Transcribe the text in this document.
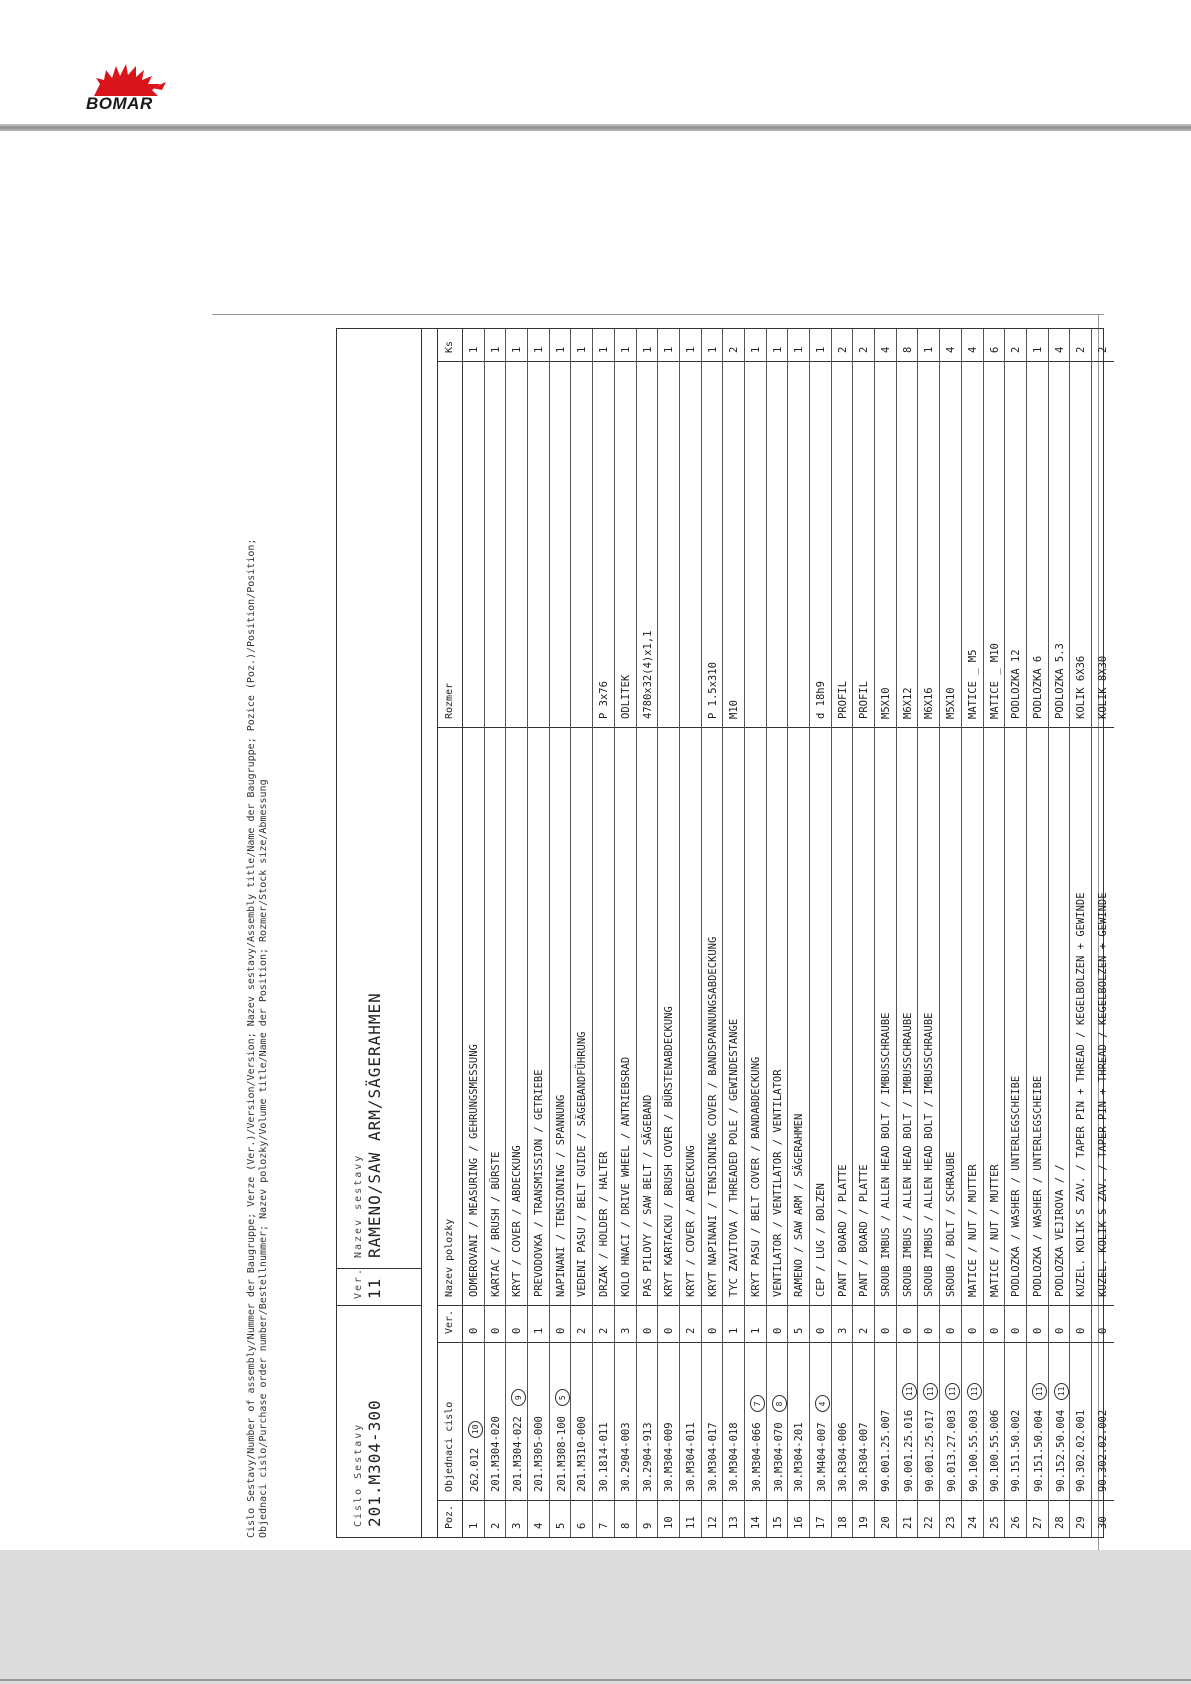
BOMAR
Cislo Sestavy/Number of assembly/Nummer der Baugruppe; Verze (Ver.)/Version/Version; Nazev sestavy/Assembly title/Name der Baugruppe; Pozice (Poz.)/Position/Position; Objednaci cislo/Purchase order number/Bestellnummer; Nazev polozky/Volume title/Name der Position; Rozmer/Stock size/Abmessung	Cislo Sestavy 201.M304-300
Ver. 11
Nazev sestavy RAMENO/SAW ARM/SÄGERAHMEN
Poz.
Objednaci cislo
Ver.
Nazev polozky
Rozmer
Ks
1
262.01210
0
ODMEROVANI / MEASURING / GEHRUNGSMESSUNG
1
2
201.M304-020
0
KARTAC / BRUSH / BÜRSTE
1
3
201.M304-0229
0
KRYT / COVER / ABDECKUNG
1
4
201.M305-000
1
PREVODOVKA / TRANSMISSION / GETRIEBE
1
5
201.M308-1005
0
NAPINANI / TENSIONING / SPANNUNG
1
6
201.M310-000
2
VEDENI PASU / BELT GUIDE / SÄGEBANDFÜHRUNG
1
7
30.1814-011
2
DRZAK / HOLDER / HALTER
P 3x76
1
8
30.2904-003
3
KOLO HNACI / DRIVE WHEEL / ANTRIEBSRAD
ODLITEK
1
9
30.2904-913
0
PAS PILOVY / SAW BELT / SÄGEBAND
4780x32(4)x1,1
1
10
30.M304-009
0
KRYT KARTACKU / BRUSH COVER / BÜRSTENABDECKUNG
1
11
30.M304-011
2
KRYT / COVER / ABDECKUNG
1
12
30.M304-017
0
KRYT NAPINANI / TENSIONING COVER / BANDSPANNUNGSABDECKUNG
P 1.5x310
1
13
30.M304-018
1
TYC ZAVITOVA / THREADED POLE / GEWINDESTANGE
M10
2
14
30.M304-0667
1
KRYT PASU / BELT COVER / BANDABDECKUNG
1
15
30.M304-0708
0
VENTILATOR / VENTILATOR / VENTILATOR
1
16
30.M304-201
5
RAMENO / SAW ARM / SÄGERAHMEN
1
17
30.M404-0074
0
CEP / LUG / BOLZEN
d 18h9
1
18
30.R304-006
3
PANT / BOARD / PLATTE
PROFIL
2
19
30.R304-007
2
PANT / BOARD / PLATTE
PROFIL
2
20
90.001.25.007
0
SROUB IMBUS / ALLEN HEAD BOLT / IMBUSSCHRAUBE
M5X10
4
21
90.001.25.01611
0
SROUB IMBUS / ALLEN HEAD BOLT / IMBUSSCHRAUBE
M6X12
8
22
90.001.25.01711
0
SROUB IMBUS / ALLEN HEAD BOLT / IMBUSSCHRAUBE
M6X16
1
23
90.013.27.00311
0
SROUB / BOLT / SCHRAUBE
M5X10
4
24
90.100.55.00311
0
MATICE / NUT / MUTTER
MATICE _ M5
4
25
90.100.55.006
0
MATICE / NUT / MUTTER
MATICE _ M10
6
26
90.151.50.002
0
PODLOZKA / WASHER / UNTERLEGSCHEIBE
PODLOZKA 12
2
27
90.151.50.00411
0
PODLOZKA / WASHER / UNTERLEGSCHEIBE
PODLOZKA 6
1
28
90.152.50.00411
0
PODLOZKA VEJIROVA / /
PODLOZKA 5.3
4
29
90.302.02.001
0
KUZEL. KOLIK S ZAV. / TAPER PIN + THREAD / KEGELBOLZEN + GEWINDE
KOLIK 6X36
2
30
90.302.02.002
0
KUZEL. KOLIK S ZAV. / TAPER PIN + THREAD / KEGELBOLZEN + GEWINDE
KOLIK 8X30
2
